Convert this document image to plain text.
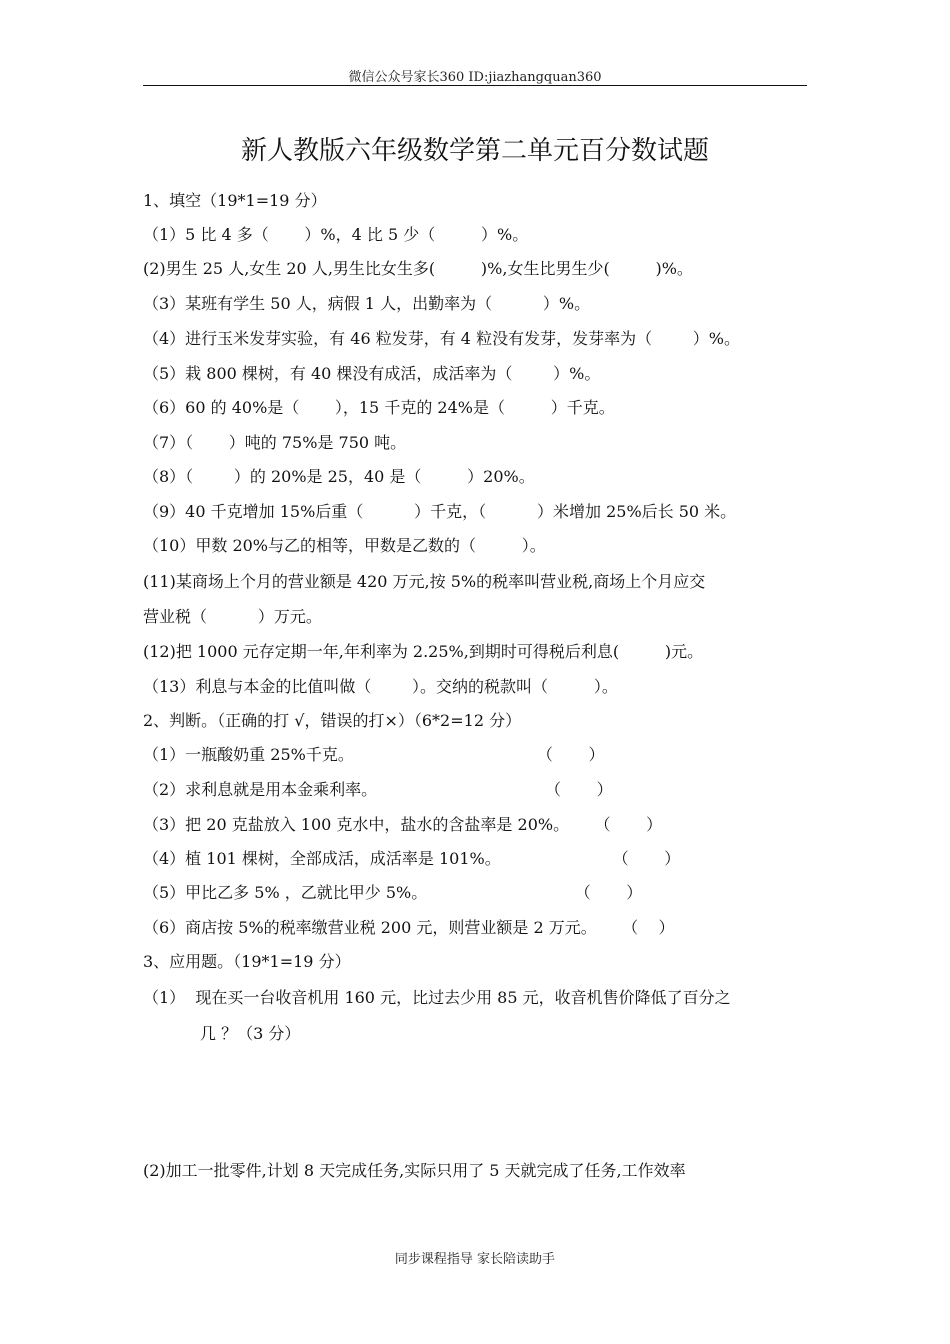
微信公众号家长360 ID:jiazhangquan360
新人教版六年级数学第二单元百分数试题
1、填空（19*1=19 分）
（1）5 比 4 多（       ）%，4 比 5 少（         ）%。
(2)男生 25 人,女生 20 人,男生比女生多(         )%,女生比男生少(         )%。
（3）某班有学生 50 人，病假 1 人，出勤率为（          ）%。
（4）进行玉米发芽实验，有 46 粒发芽，有 4 粒没有发芽，发芽率为（        ）%。
（5）栽 800 棵树，有 40 棵没有成活，成活率为（        ）%。
（6）60 的 40%是（       ），15 千克的 24%是（         ）千克。
（7）（       ）吨的 75%是 750 吨。
（8）（        ）的 20%是 25，40 是（         ）20%。
（9）40 千克增加 15%后重（          ）千克，（          ）米增加 25%后长 50 米。
（10）甲数 20%与乙的相等，甲数是乙数的（         ）。
(11)某商场上个月的营业额是 420 万元,按 5%的税率叫营业税,商场上个月应交
营业税（          ）万元。
(12)把 1000 元存定期一年,年利率为 2.25%,到期时可得税后利息(         )元。
（13）利息与本金的比值叫做（        ）。交纳的税款叫（         ）。
2、判断。（正确的打 √，错误的打×）（6*2=12 分）
（1）一瓶酸奶重 25%千克。                                    （       ）
（2）求利息就是用本金乘利率。                                 （       ）
（3）把 20 克盐放入 100 克水中，盐水的含盐率是 20%。     （       ）
（4）植 101 棵树，全部成活，成活率是 101%。                      （       ）
（5）甲比乙多 5% ，乙就比甲少 5%。                             （       ）
（6）商店按 5%的税率缴营业税 200 元，则营业额是 2 万元。     （    ）
3、应用题。（19*1=19 分）
（1）  现在买一台收音机用 160 元，比过去少用 85 元，收音机售价降低了百分之
几 ？（3 分）
(2)加工一批零件,计划 8 天完成任务,实际只用了 5 天就完成了任务,工作效率
同步课程指导 家长陪读助手
